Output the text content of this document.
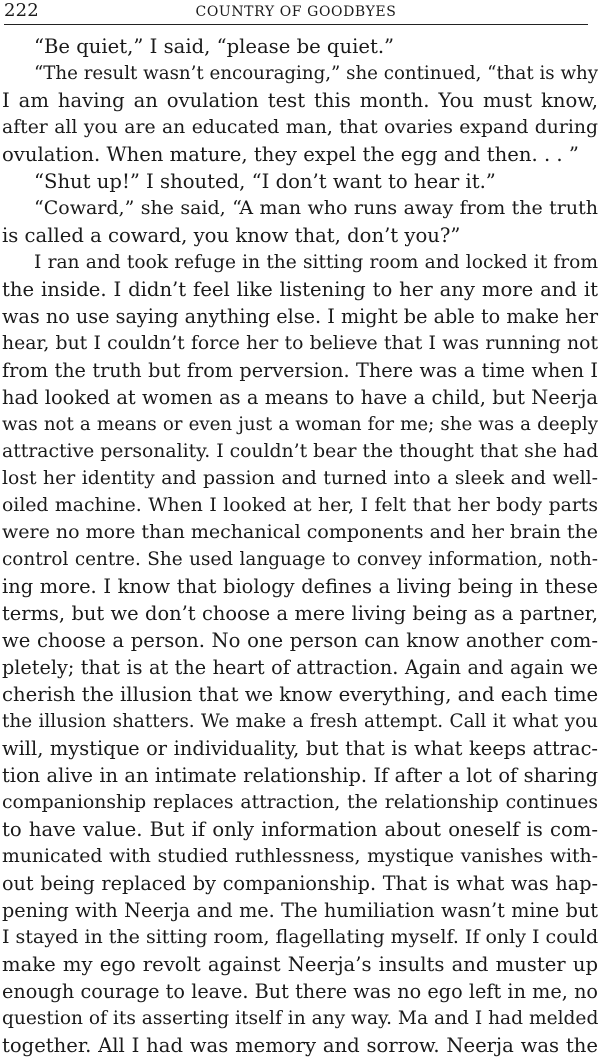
222	COUNTRY OF GOODBYES
“Be quiet,” I said, “please be quiet.”
“The result wasn’t encouraging,” she continued, “that is why
I am having an ovulation test this month. You must know,
after all you are an educated man, that ovaries expand during
ovulation. When mature, they expel the egg and then. . . ”
“Shut up!” I shouted, “I don’t want to hear it.”
“Coward,” she said, “A man who runs away from the truth
is called a coward, you know that, don’t you?”
I ran and took refuge in the sitting room and locked it from
the inside. I didn’t feel like listening to her any more and it
was no use saying anything else. I might be able to make her
hear, but I couldn’t force her to believe that I was running not
from the truth but from perversion. There was a time when I
had looked at women as a means to have a child, but Neerja
was not a means or even just a woman for me; she was a deeply
attractive personality. I couldn’t bear the thought that she had
lost her identity and passion and turned into a sleek and well-
oiled machine. When I looked at her, I felt that her body parts
were no more than mechanical components and her brain the
control centre. She used language to convey information, noth-
ing more. I know that biology defines a living being in these
terms, but we don’t choose a mere living being as a partner,
we choose a person. No one person can know another com-
pletely; that is at the heart of attraction. Again and again we
cherish the illusion that we know everything, and each time
the illusion shatters. We make a fresh attempt. Call it what you
will, mystique or individuality, but that is what keeps attrac-
tion alive in an intimate relationship. If after a lot of sharing
companionship replaces attraction, the relationship continues
to have value. But if only information about oneself is com-
municated with studied ruthlessness, mystique vanishes with-
out being replaced by companionship. That is what was hap-
pening with Neerja and me. The humiliation wasn’t mine but
I stayed in the sitting room, flagellating myself. If only I could
make my ego revolt against Neerja’s insults and muster up
enough courage to leave. But there was no ego left in me, no
question of its asserting itself in any way. Ma and I had melded
together. All I had was memory and sorrow. Neerja was the
